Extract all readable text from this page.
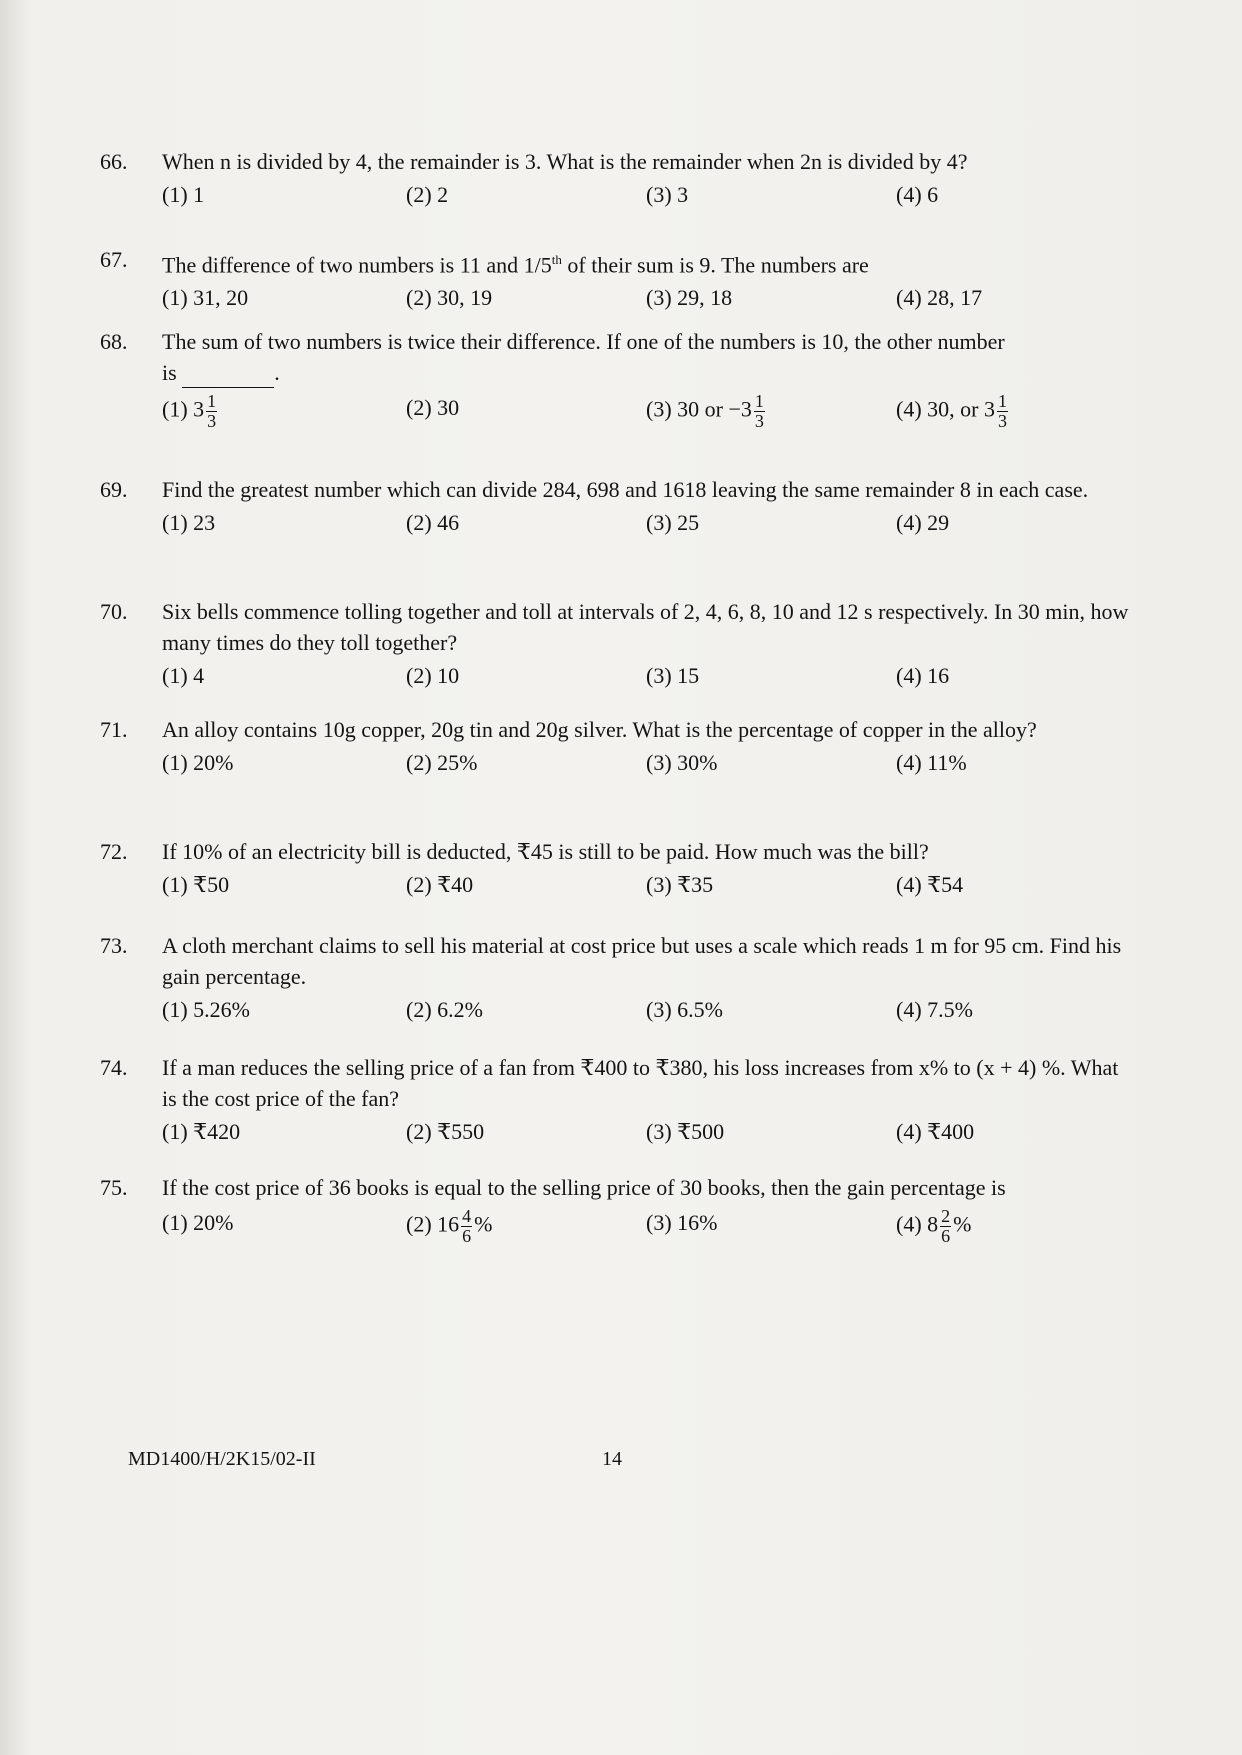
66.	When n is divided by 4, the remainder is 3. What is the remainder when 2n is divided by 4?
(1) 1	(2) 2	(3) 3	(4) 6
67.	The difference of two numbers is 11 and 1/5th of their sum is 9. The numbers are
(1) 31, 20	(2) 30, 19	(3) 29, 18	(4) 28, 17
68.	The sum of two numbers is twice their difference. If one of the numbers is 10, the other number
is	.
(1) $3 \frac{1}{3}$	(2) 30	(3) 30 or $-3 \frac{1}{3}$	(4) 30, or $3 \frac{1}{3}$
69.	Find the greatest number which can divide 284, 698 and 1618 leaving the same remainder 8 in each case.
(1) 23	(2) 46	(3) 25	(4) 29
70.	Six bells commence tolling together and toll at intervals of 2, 4, 6, 8, 10 and 12 s respectively. In 30 min, how many times do they toll together?
(1) 4	(2) 10	(3) 15	(4) 16
71.	An alloy contains 10g copper, 20g tin and 20g silver. What is the percentage of copper in the alloy?
(1) 20%	(2) 25%	(3) 30%	(4) 11%
72.	If 10% of an electricity bill is deducted, ₹45 is still to be paid. How much was the bill?
(1) ₹50	(2) ₹40	(3) ₹35	(4) ₹54
73.	A cloth merchant claims to sell his material at cost price but uses a scale which reads 1 m for 95 cm. Find his gain percentage.
(1) 5.26%	(2) 6.2%	(3) 6.5%	(4) 7.5%
74.	If a man reduces the selling price of a fan from ₹400 to ₹380, his loss increases from x% to (x + 4) %. What is the cost price of the fan?
(1) ₹420	(2) ₹550	(3) ₹500	(4) ₹400
75.	If the cost price of 36 books is equal to the selling price of 30 books, then the gain percentage is
(1) 20%	(2) $16 \frac{4}{6}$ %	(3) 16%	(4) $8 \frac{2}{6}$ %
MD1400/H/2K15/02-II	14
